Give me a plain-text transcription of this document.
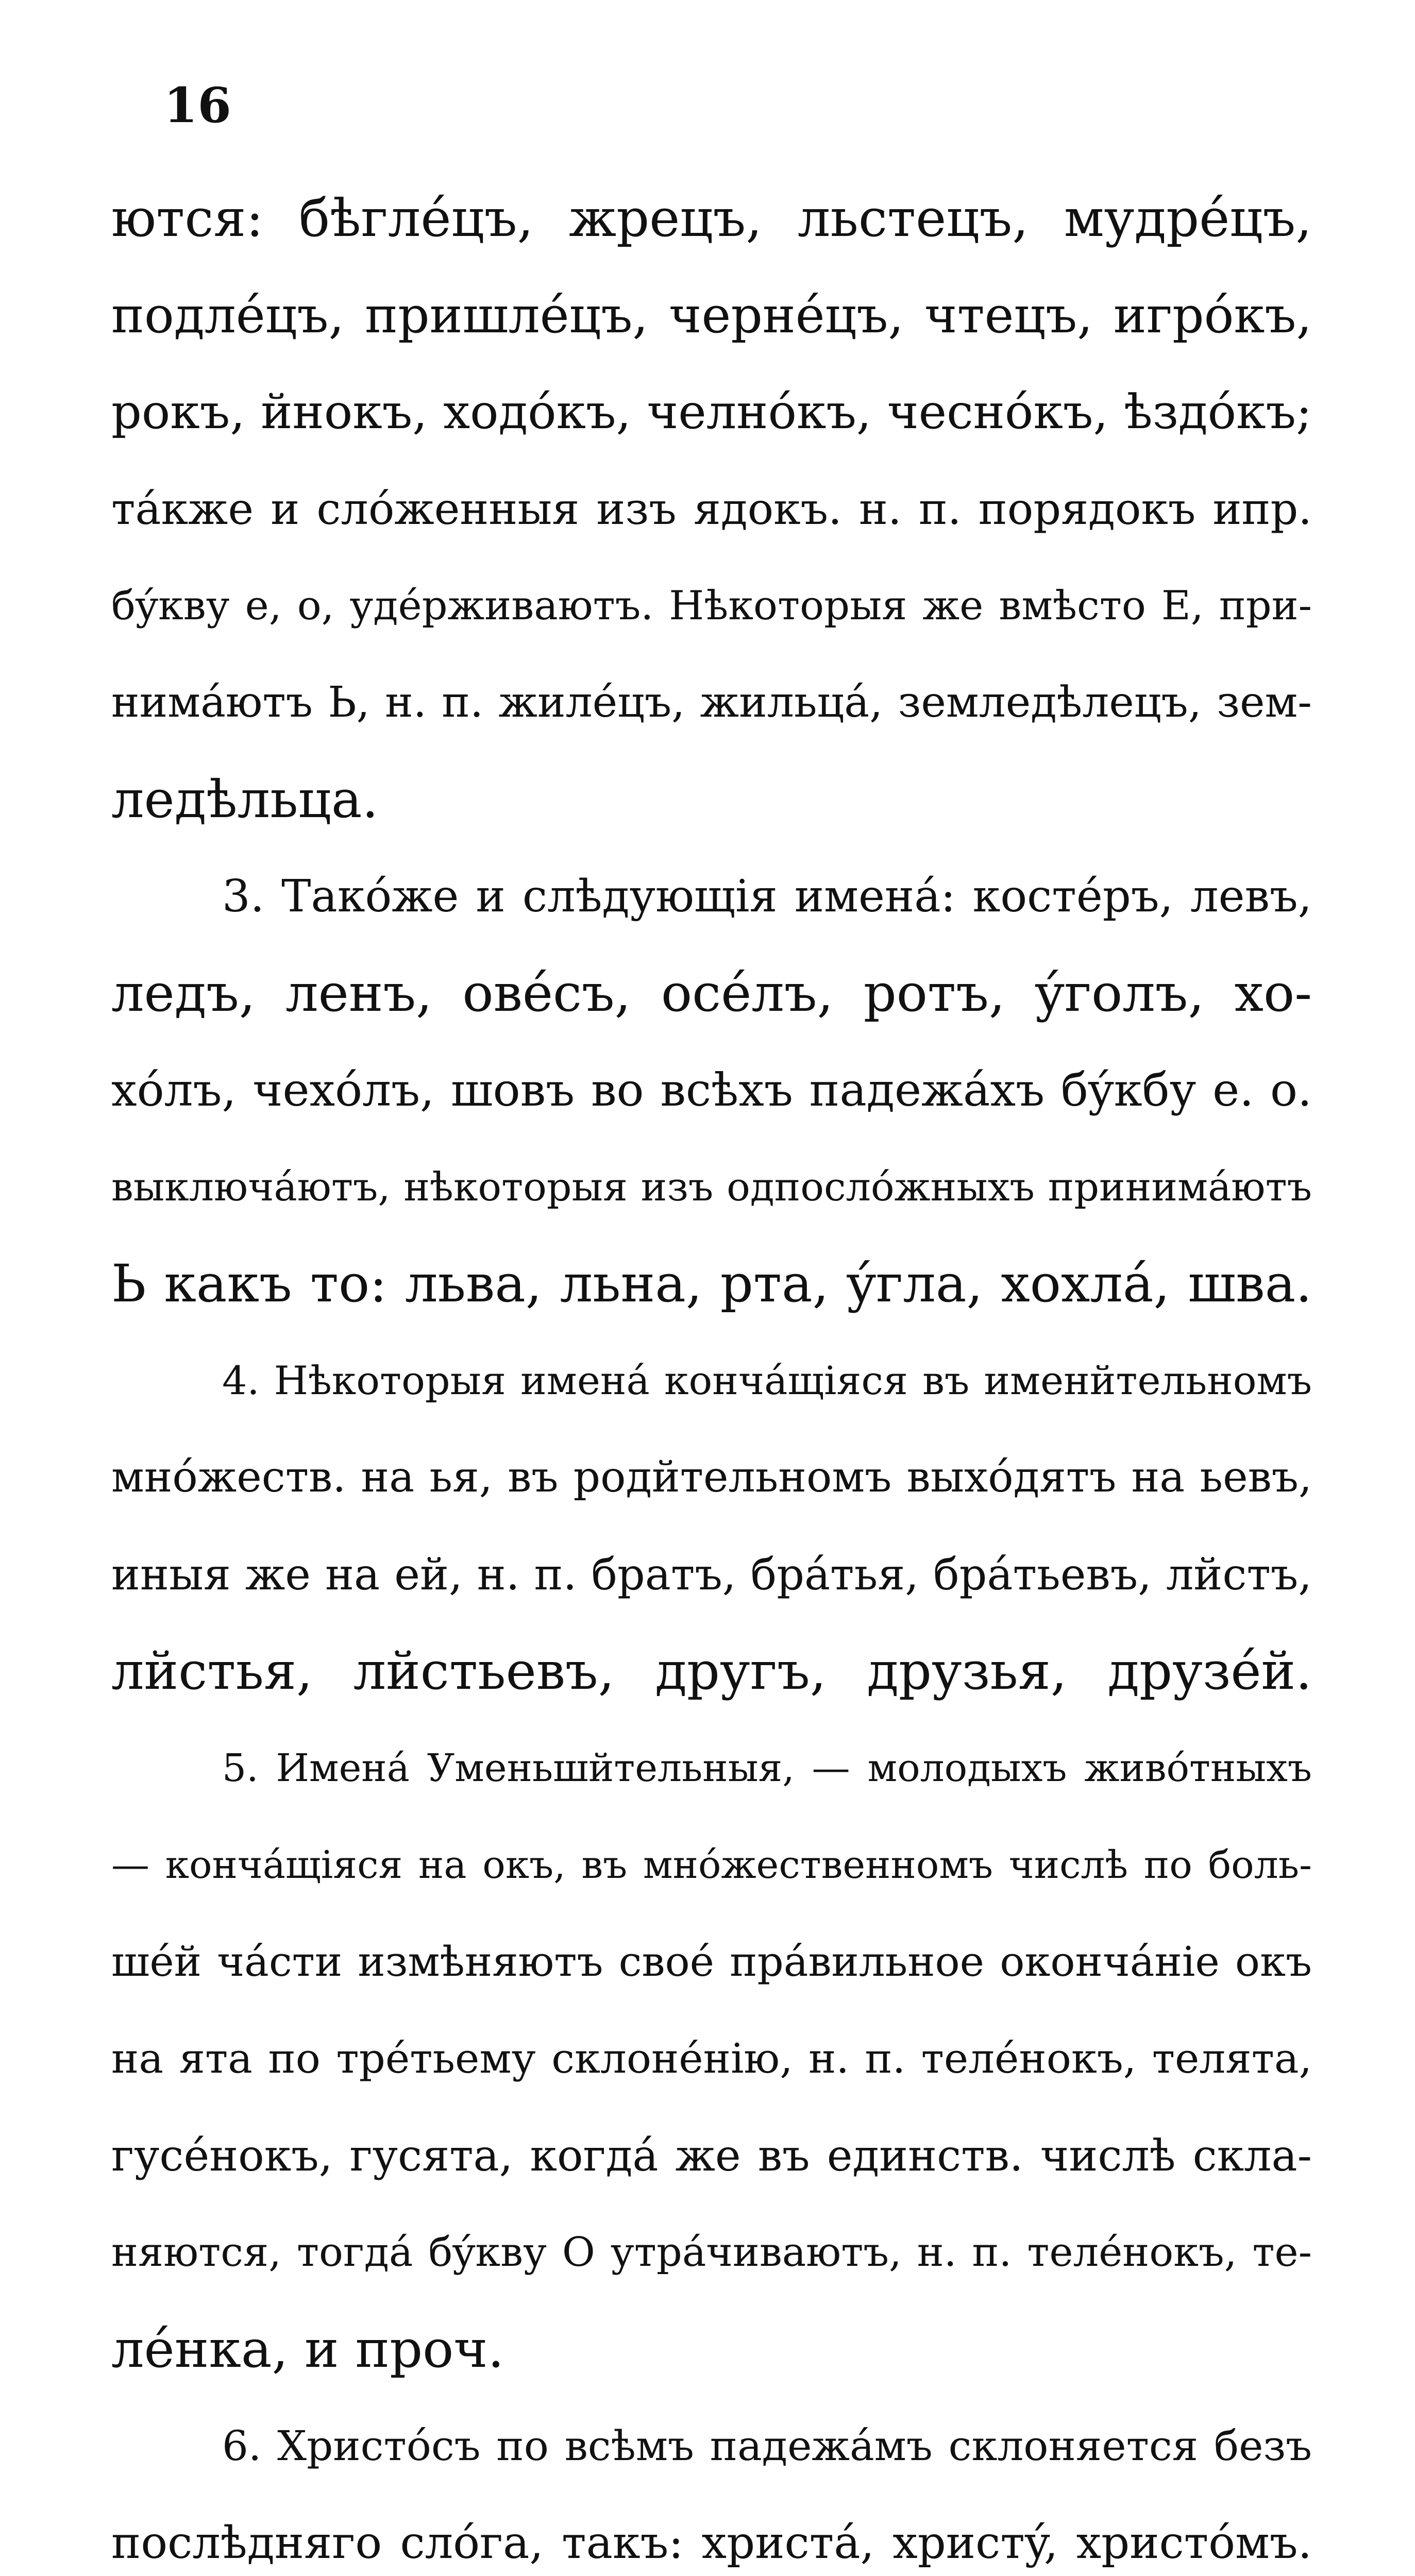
16
ются: бѣглéцъ, жрецъ, льстецъ, мудрéцъ,
подлéцъ, пришлéцъ, чернéцъ, чтецъ, игрóкъ,
рокъ, йнокъ, ходóкъ, челнóкъ, чеснóкъ, ѣздóкъ;
тáкже и слóженныя изъ ядокъ. н. п. порядокъ ипр.
бýкву е, о, удéрживаютъ. Нѣкоторыя же вмѣсто Е, при-
нимáютъ Ь, н. п. жилéцъ, жильцá, земледѣлецъ, зем-
ледѣльца.
3. Такóже и слѣдующія именá: костéръ, левъ,
ледъ, ленъ, овéсъ, осéлъ, ротъ, ýголъ, хо-
хóлъ, чехóлъ, шовъ во всѣхъ падежáхъ бýкбу е. о.
выключáютъ, нѣкоторыя изъ одпослóжныхъ принимáютъ
Ь какъ то: льва, льна, рта, ýгла, хохлá, шва.
4. Нѣкоторыя именá кончáщіяся въ именйтельномъ
мнóжеств. на ья, въ родйтельномъ выхóдятъ на ьевъ,
иныя же на ей, н. п. братъ, брáтья, брáтьевъ, лйстъ,
лйстья, лйстьевъ, другъ, друзья, друзéй.
5. Именá Уменьшйтельныя, — молодыхъ живóтныхъ
— кончáщіяся на окъ, въ мнóжественномъ числѣ по боль-
шéй чáсти измѣняютъ своé прáвильное окончáніе окъ
на ята по трéтьему склонéнію, н. п. телéнокъ, телята,
гусéнокъ, гусята, когдá же въ единств. числѣ скла-
няются, тогдá бýкву О утрáчиваютъ, н. п. телéнокъ, те-
лéнка, и проч.
6. Христóсъ по всѣмъ падежáмъ склоняется безъ
послѣдняго слóга, такъ: христá, христý, христóмъ.
